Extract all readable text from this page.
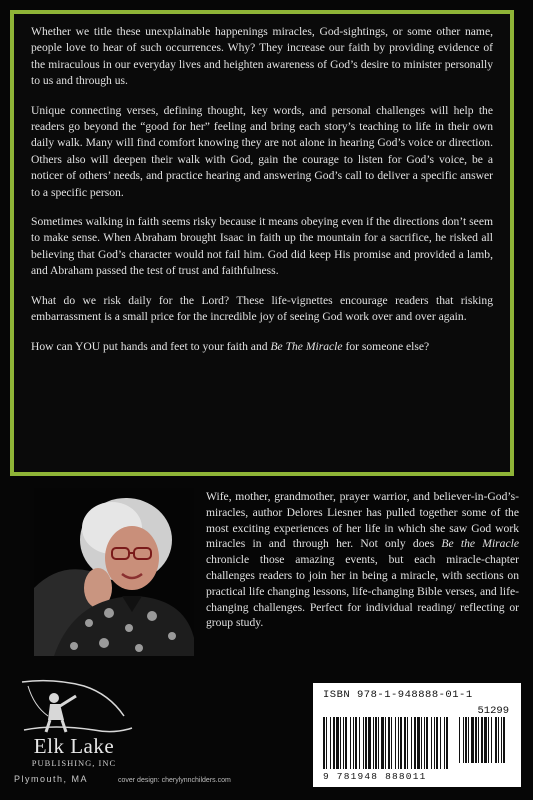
Whether we title these unexplainable happenings miracles, God-sightings, or some other name, people love to hear of such occurrences. Why? They increase our faith by providing evidence of the miraculous in our everyday lives and heighten awareness of God’s desire to minister personally to us and through us.

Unique connecting verses, defining thought, key words, and personal challenges will help the readers go beyond the “good for her” feeling and bring each story’s teaching to life in their own daily walk. Many will find comfort knowing they are not alone in hearing God’s voice or direction. Others also will deepen their walk with God, gain the courage to listen for God’s voice, be a noticer of others’ needs, and practice hearing and answering God’s call to deliver a specific answer to a specific person.

Sometimes walking in faith seems risky because it means obeying even if the directions don’t seem to make sense. When Abraham brought Isaac in faith up the mountain for a sacrifice, he risked all believing that God’s character would not fail him. God did keep His promise and provided a lamb, and Abraham passed the test of trust and faithfulness.

What do we risk daily for the Lord? These life-vignettes encourage readers that risking embarrassment is a small price for the incredible joy of seeing God work over and over again.

How can YOU put hands and feet to your faith and Be The Miracle for someone else?

Wife, mother, grandmother, prayer warrior, and believer-in-God’s-miracles, author Delores Liesner has pulled together some of the most exciting experiences of her life in which she saw God work miracles in and through her. Not only does Be the Miracle chronicle those amazing events, but each miracle-chapter challenges readers to join her in being a miracle, with sections on practical life changing lessons, life-changing Bible verses, and life-changing challenges. Perfect for individual reading/ reflecting or group study.
Elk Lake
PUBLISHING, INC
Plymouth, MA	cover design: cherylynnchilders.com
ISBN 978-1-948888-01-1
51299
9 781948 888011
